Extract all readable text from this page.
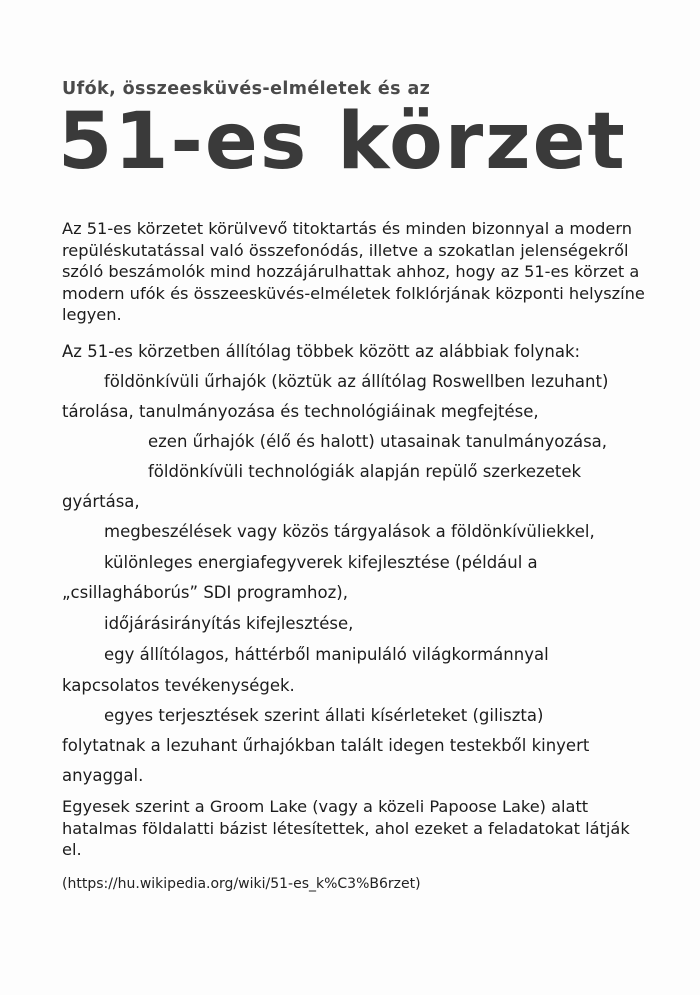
Ufók, összeesküvés-elméletek és az
51-es körzet

Az 51-es körzetet körülvevő titoktartás és minden bizonnyal a modern repüléskutatással való összefonódás, illetve a szokatlan jelenségekről szóló beszámolók mind hozzájárulhattak ahhoz, hogy az 51-es körzet a modern ufók és összeesküvés-elméletek folklórjának központi helyszíne legyen.

Az 51-es körzetben állítólag többek között az alábbiak folynak:

földönkívüli űrhajók (köztük az állítólag Roswellben lezuhant)

tárolása, tanulmányozása és technológiáinak megfejtése,

ezen űrhajók (élő és halott) utasainak tanulmányozása,

földönkívüli technológiák alapján repülő szerkezetek

gyártása,

megbeszélések vagy közös tárgyalások a földönkívüliekkel,

különleges energiafegyverek kifejlesztése (például a

„csillagháborús” SDI programhoz),

időjárásirányítás kifejlesztése,

egy állítólagos, háttérből manipuláló világkormánnyal

kapcsolatos tevékenységek.

egyes terjesztések szerint állati kísérleteket (giliszta)

folytatnak a lezuhant űrhajókban talált idegen testekből kinyert

anyaggal.

Egyesek szerint a Groom Lake (vagy a közeli Papoose Lake) alatt hatalmas földalatti bázist létesítettek, ahol ezeket a feladatokat látják el.

(https://hu.wikipedia.org/wiki/51-es_k%C3%B6rzet)
